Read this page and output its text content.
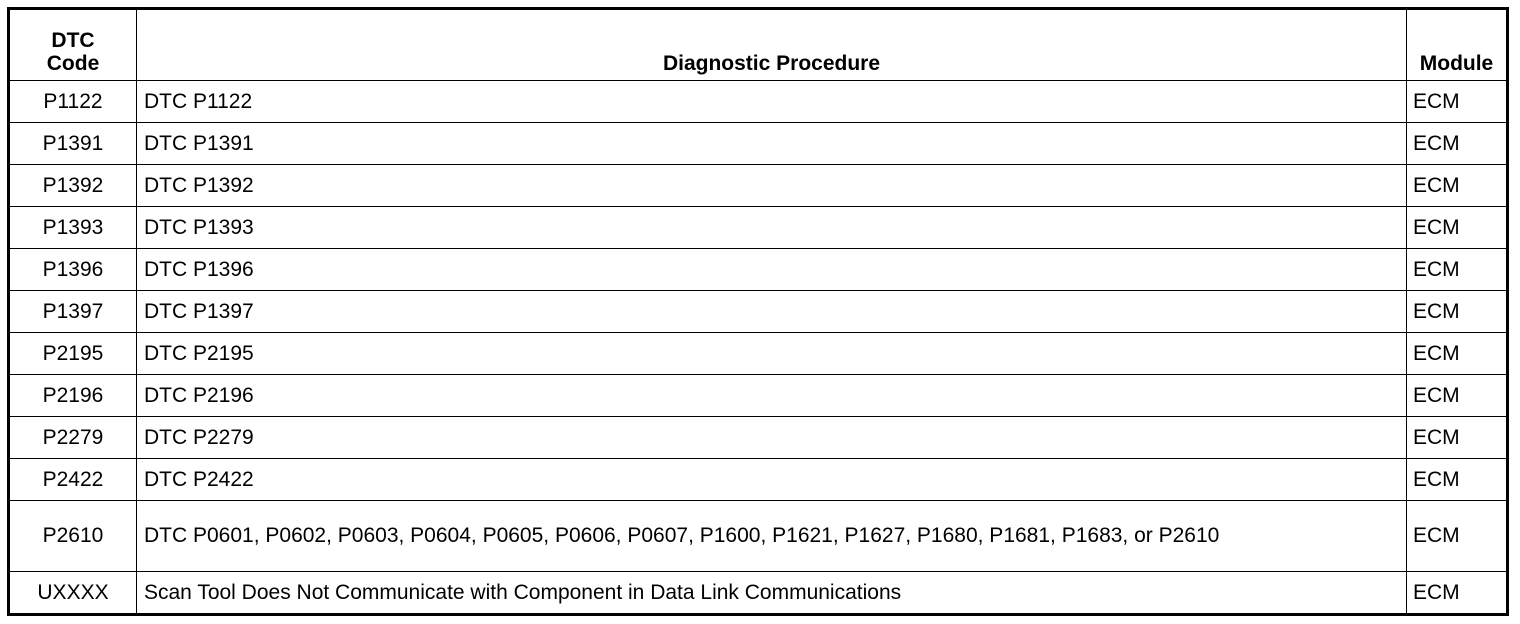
DTC
Code	Diagnostic Procedure	Module
P1122	DTC P1122	ECM
P1391	DTC P1391	ECM
P1392	DTC P1392	ECM
P1393	DTC P1393	ECM
P1396	DTC P1396	ECM
P1397	DTC P1397	ECM
P2195	DTC P2195	ECM
P2196	DTC P2196	ECM
P2279	DTC P2279	ECM
P2422	DTC P2422	ECM
P2610	DTC P0601, P0602, P0603, P0604, P0605, P0606, P0607, P1600, P1621, P1627, P1680, P1681, P1683, or P2610	ECM
UXXXX	Scan Tool Does Not Communicate with Component in Data Link Communications	ECM
